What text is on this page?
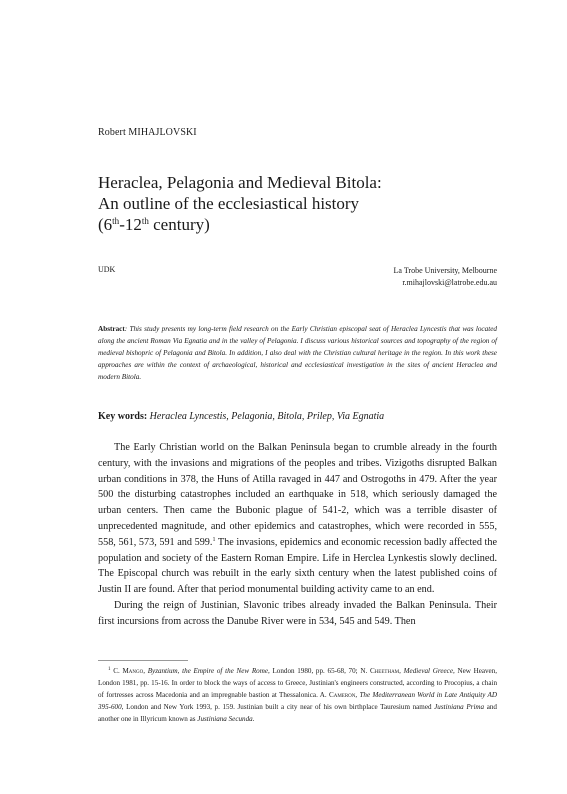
Robert MIHAJLOVSKI
Heraclea, Pelagonia and Medieval Bitola:
An outline of the ecclesiastical history
(6th-12th century)
UDK	La Trobe University, Melbourne
r.mihajlovski@latrobe.edu.au
Abstract: This study presents my long-term field research on the Early Christian episcopal seat of Heraclea Lyncestis that was located along the ancient Roman Via Egnatia and in the valley of Pelagonia. I discuss various historical sources and topography of the region of medieval bishopric of Pelagonia and Bitola. In addition, I also deal with the Christian cultural heritage in the region. In this work these approaches are within the context of archaeological, historical and ecclesiastical investigation in the sites of ancient Heraclea and modern Bitola.
Key words: Heraclea Lyncestis, Pelagonia, Bitola, Prilep, Via Egnatia

The Early Christian world on the Balkan Peninsula began to crumble already in the fourth century, with the invasions and migrations of the peoples and tribes. Vizigoths disrupted Balkan urban conditions in 378, the Huns of Atilla ravaged in 447 and Ostrogoths in 479. After the year 500 the disturbing catastrophes included an earthquake in 518, which seriously damaged the urban centers. Then came the Bubonic plague of 541-2, which was a terrible disaster of unprecedented magnitude, and other epidemics and catastrophes, which were recorded in 555, 558, 561, 573, 591 and 599.$^1$ The invasions, epidemics and economic recession badly affected the population and society of the Eastern Roman Empire. Life in Herclea Lynkestis slowly declined. The Episcopal church was rebuilt in the early sixth century when the latest published coins of Justin II are found. After that period monumental building activity came to an end.

During the reign of Justinian, Slavonic tribes already invaded the Balkan Peninsula. Their first incursions from across the Danube River were in 534, 545 and 549. Then

$^1$ C. Mango, Byzantium, the Empire of the New Rome, London 1980, pp. 65-68, 70; N. Cheetham, Medieval Greece, New Heaven, London 1981, pp. 15-16. In order to block the ways of access to Greece, Justinian's engineers constructed, according to Procopius, a chain of fortresses across Macedonia and an impregnable bastion at Thessalonica. A. Cameron, The Mediterranean World in Late Antiquity AD 395-600, London and New York 1993, p. 159. Justinian built a city near of his own birthplace Tauresium named Justiniana Prima and another one in Illyricum known as Justiniana Secunda.
